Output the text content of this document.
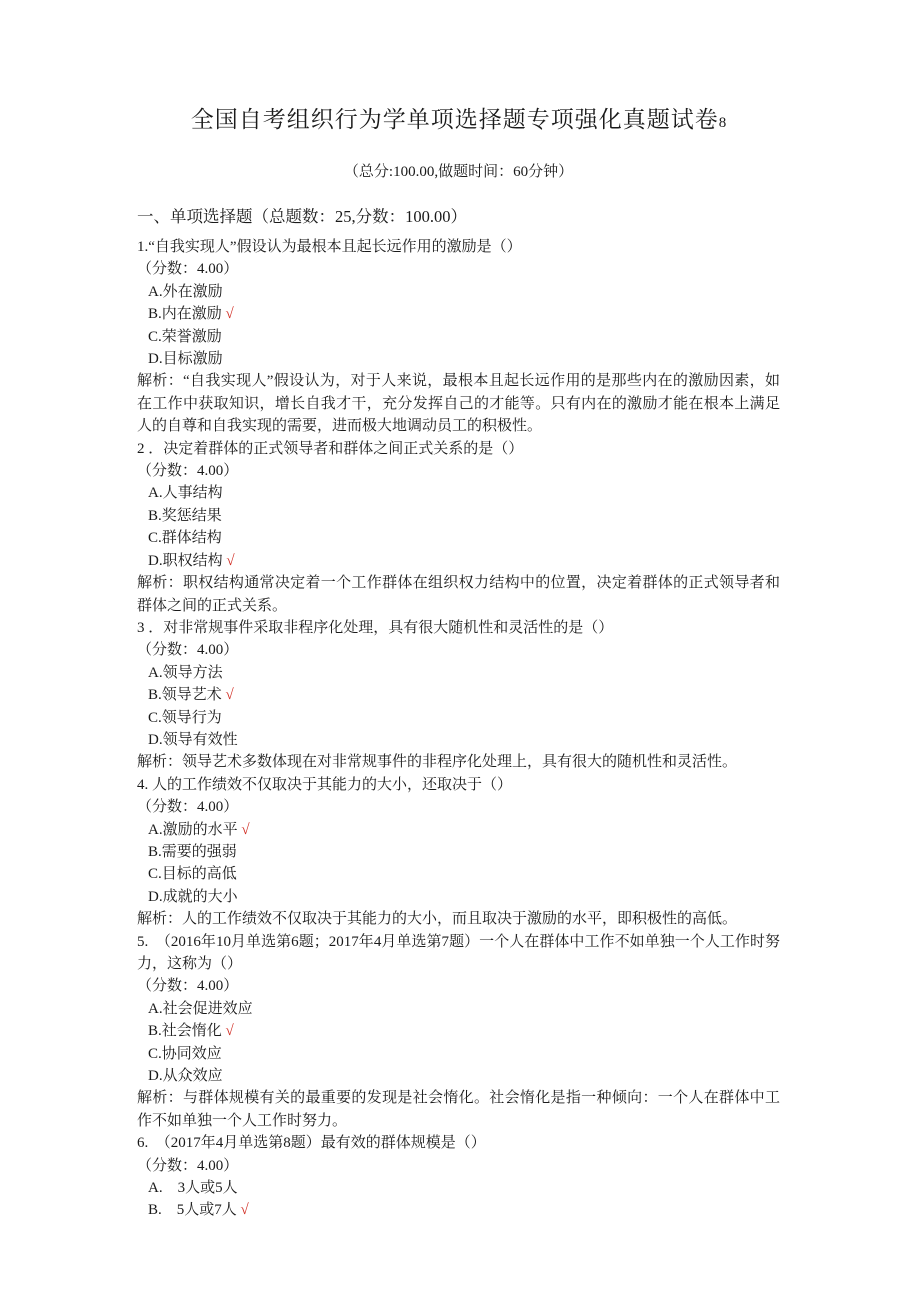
全国自考组织行为学单项选择题专项强化真题试卷8

（总分:100.00,做题时间：60分钟）

一、单项选择题（总题数：25,分数：100.00）

1.“自我实现人”假设认为最根本且起长远作用的激励是（）

（分数：4.00）

A.外在激励

B.内在激励 √

C.荣誉激励

D.目标激励

解析：“自我实现人”假设认为，对于人来说，最根本且起长远作用的是那些内在的激励因素，如在工作中获取知识，增长自我才干，充分发挥自己的才能等。只有内在的激励才能在根本上满足人的自尊和自我实现的需要，进而极大地调动员工的积极性。

2 ．决定着群体的正式领导者和群体之间正式关系的是（）

（分数：4.00）

A.人事结构

B.奖惩结果

C.群体结构

D.职权结构 √

解析：职权结构通常决定着一个工作群体在组织权力结构中的位置，决定着群体的正式领导者和群体之间的正式关系。

3 ．对非常规事件采取非程序化处理，具有很大随机性和灵活性的是（）

（分数：4.00）

A.领导方法

B.领导艺术 √

C.领导行为

D.领导有效性

解析：领导艺术多数体现在对非常规事件的非程序化处理上，具有很大的随机性和灵活性。

4. 人的工作绩效不仅取决于其能力的大小，还取决于（）

（分数：4.00）

A.激励的水平 √

B.需要的强弱

C.目标的高低

D.成就的大小

解析：人的工作绩效不仅取决于其能力的大小，而且取决于激励的水平，即积极性的高低。

5.　（2016年10月单选第6题；2017年4月单选第7题）一个人在群体中工作不如单独一个人工作时努力，这称为（）

（分数：4.00）

A.社会促进效应

B.社会惰化 √

C.协同效应

D.从众效应

解析：与群体规模有关的最重要的发现是社会惰化。社会惰化是指一种倾向：一个人在群体中工作不如单独一个人工作时努力。

6.　（2017年4月单选第8题）最有效的群体规模是（）

（分数：4.00）

A.　3人或5人

B.　5人或7人 √
